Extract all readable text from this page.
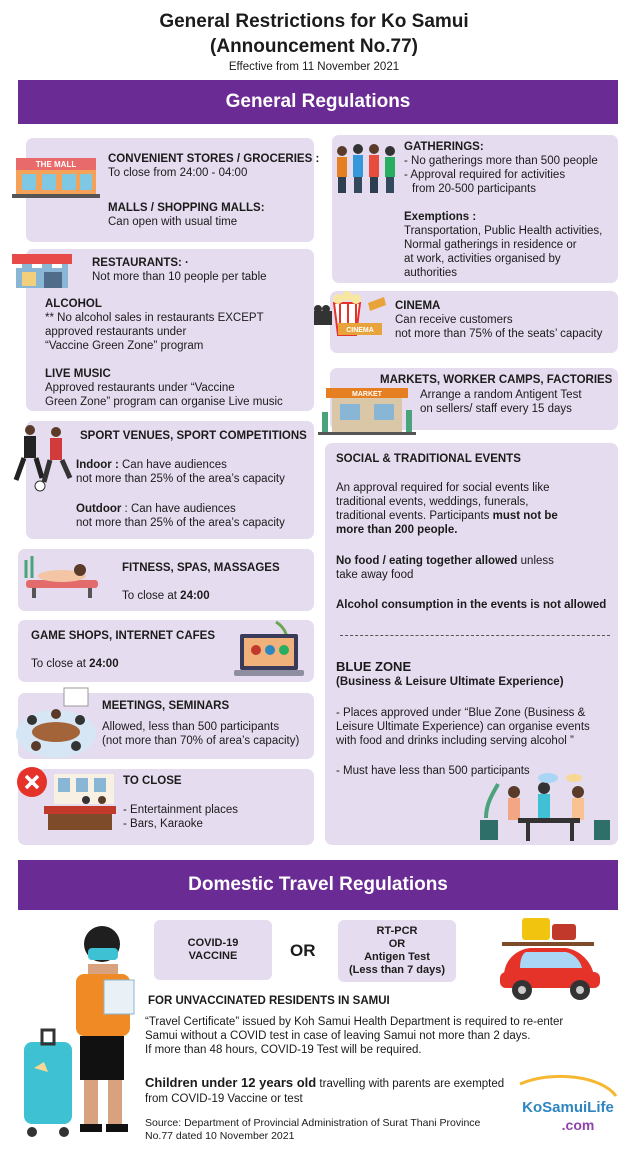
General Restrictions for Ko Samui
(Announcement No.77)
Effective from 11 November 2021
General Regulations
THE MALL	CONVENIENT STORES / GROCERIES :
To close from 24:00 - 04:00
MALLS / SHOPPING MALLS:
Can open with usual time
RESTAURANTS: ·
Not more than 10 people per table
ALCOHOL
** No alcohol sales in restaurants EXCEPT
approved restaurants under
“Vaccine Green Zone” program
LIVE MUSIC
Approved restaurants under “Vaccine
Green Zone” program can organise Live music
SPORT VENUES, SPORT COMPETITIONS
Indoor : Can have audiences
not more than 25% of the area’s capacity
Outdoor : Can have audiences
not more than 25% of the area’s capacity
FITNESS, SPAS, MASSAGES
To close at 24:00
GAME SHOPS, INTERNET CAFES
To close at 24:00
MEETINGS, SEMINARS
Allowed, less than 500 participants
(not more than 70% of area’s capacity)
TO CLOSE
- Entertainment places
- Bars, Karaoke
GATHERINGS:
- No gatherings more than 500 people
- Approval required for activities
from 20-500 participants
Exemptions :
Transportation, Public Health activities,
Normal gatherings in residence or
at work, activities organised by
authorities
CINEMA
CINEMA
Can receive customers
not more than 75% of the seats’ capacity
MARKET
MARKETS, WORKER CAMPS, FACTORIES
Arrange a random Antigent Test
on sellers/ staff every 15 days
SOCIAL & TRADITIONAL EVENTS
An approval required for social events like
traditional events, weddings, funerals,
traditional events. Participants must not be
more than 200 people.
No food / eating together allowed unless
take away food
Alcohol consumption in the events is not allowed
BLUE ZONE
(Business & Leisure Ultimate Experience)
- Places approved under “Blue Zone (Business &
Leisure Ultimate Experience) can organise events
with food and drinks including serving alcohol ”
- Must have less than 500 participants
Domestic Travel Regulations
COVID-19
VACCINE	OR
RT-PCR
OR
Antigen Test
(Less than 7 days)
FOR UNVACCINATED RESIDENTS IN SAMUI
“Travel Certificate” issued by Koh Samui Health Department is required to re-enter
Samui without a COVID test in case of leaving Samui not more than 2 days.
If more than 48 hours, COVID-19 Test will be required.
Children under 12 years old travelling with parents are exempted
from COVID-19 Vaccine or test
Source: Department of Provincial Administration of Surat Thani Province
No.77 dated 10 November 2021
KoSamuiLife
.com
